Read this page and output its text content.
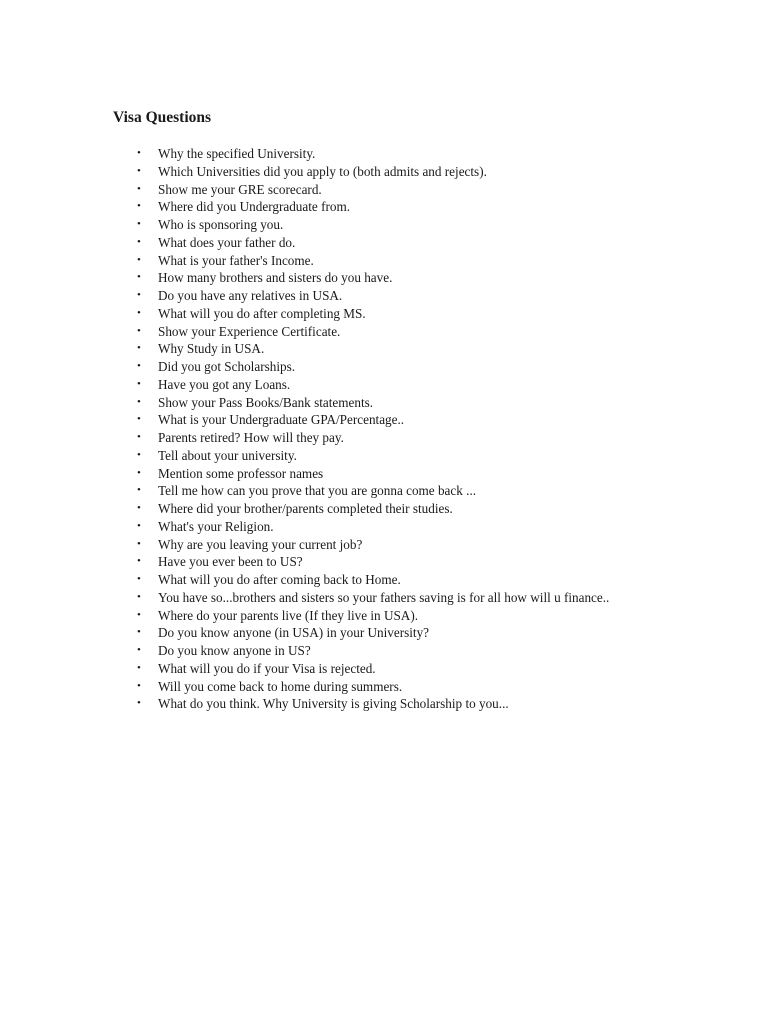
Visa Questions
• Why the specified University.
• Which Universities did you apply to (both admits and rejects).
• Show me your GRE scorecard.
• Where did you Undergraduate from.
• Who is sponsoring you.
• What does your father do.
• What is your father's Income.
• How many brothers and sisters do you have.
• Do you have any relatives in USA.
• What will you do after completing MS.
• Show your Experience Certificate.
• Why Study in USA.
• Did you got Scholarships.
• Have you got any Loans.
• Show your Pass Books/Bank statements.
• What is your Undergraduate GPA/Percentage..
• Parents retired? How will they pay.
• Tell about your university.
• Mention some professor names
• Tell me how can you prove that you are gonna come back ...
• Where did your brother/parents completed their studies.
• What's your Religion.
• Why are you leaving your current job?
• Have you ever been to US?
• What will you do after coming back to Home.
• You have so...brothers and sisters so your fathers saving is for all how will u finance..
• Where do your parents live (If they live in USA).
• Do you know anyone (in USA) in your University?
• Do you know anyone in US?
• What will you do if your Visa is rejected.
• Will you come back to home during summers.
• What do you think. Why University is giving Scholarship to you...
